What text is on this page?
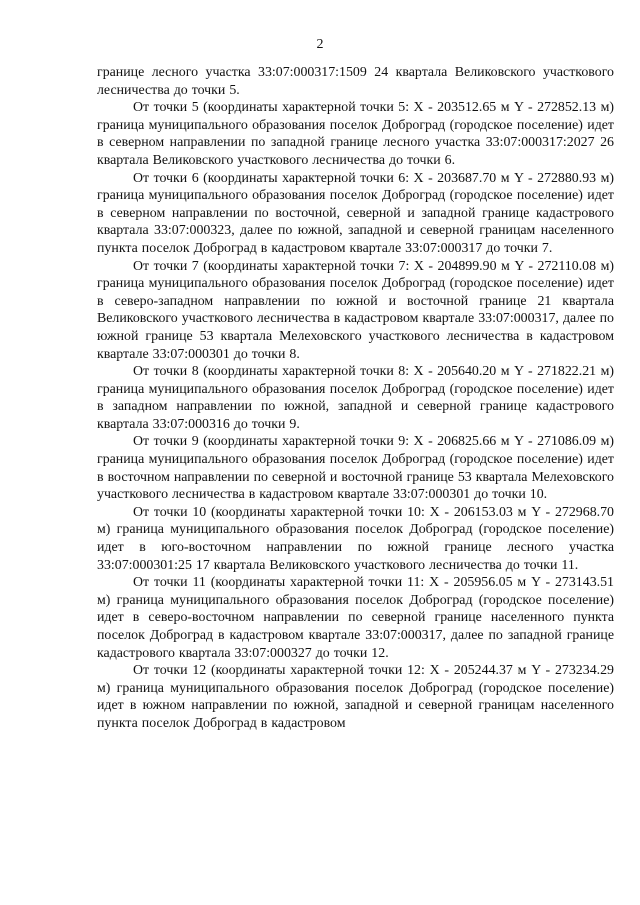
2

границе лесного участка 33:07:000317:1509 24 квартала Великовского участкового лесничества до точки 5.

От точки 5 (координаты характерной точки 5: X - 203512.65 м Y - 272852.13 м) граница муниципального образования поселок Доброград (городское поселение) идет в северном направлении по западной границе лесного участка 33:07:000317:2027 26 квартала Великовского участкового лесничества до точки 6.

От точки 6 (координаты характерной точки 6: X - 203687.70 м Y - 272880.93 м) граница муниципального образования поселок Доброград (городское поселение) идет в северном направлении по восточной, северной и западной границе кадастрового квартала 33:07:000323, далее по южной, западной и северной границам населенного пункта поселок Доброград в кадастровом квартале 33:07:000317 до точки 7.

От точки 7 (координаты характерной точки 7: X - 204899.90 м Y - 272110.08 м) граница муниципального образования поселок Доброград (городское поселение) идет в северо-западном направлении по южной и восточной границе 21 квартала Великовского участкового лесничества в кадастровом квартале 33:07:000317, далее по южной границе 53 квартала Мелеховского участкового лесничества в кадастровом квартале 33:07:000301 до точки 8.

От точки 8 (координаты характерной точки 8: X - 205640.20 м Y - 271822.21 м) граница муниципального образования поселок Доброград (городское поселение) идет в западном направлении по южной, западной и северной границе кадастрового квартала 33:07:000316 до точки 9.

От точки 9 (координаты характерной точки 9: X - 206825.66 м Y - 271086.09 м) граница муниципального образования поселок Доброград (городское поселение) идет в восточном направлении по северной и восточной границе 53 квартала Мелеховского участкового лесничества в кадастровом квартале 33:07:000301 до точки 10.

От точки 10 (координаты характерной точки 10: X - 206153.03 м Y - 272968.70 м) граница муниципального образования поселок Доброград (городское поселение) идет в юго-восточном направлении по южной границе лесного участка 33:07:000301:25 17 квартала Великовского участкового лесничества до точки 11.

От точки 11 (координаты характерной точки 11: X - 205956.05 м Y - 273143.51 м) граница муниципального образования поселок Доброград (городское поселение) идет в северо-восточном направлении по северной границе населенного пункта поселок Доброград в кадастровом квартале 33:07:000317, далее по западной границе кадастрового квартала 33:07:000327 до точки 12.

От точки 12 (координаты характерной точки 12: X - 205244.37 м Y - 273234.29 м) граница муниципального образования поселок Доброград (городское поселение) идет в южном направлении по южной, западной и северной границам населенного пункта поселок Доброград в кадастровом
